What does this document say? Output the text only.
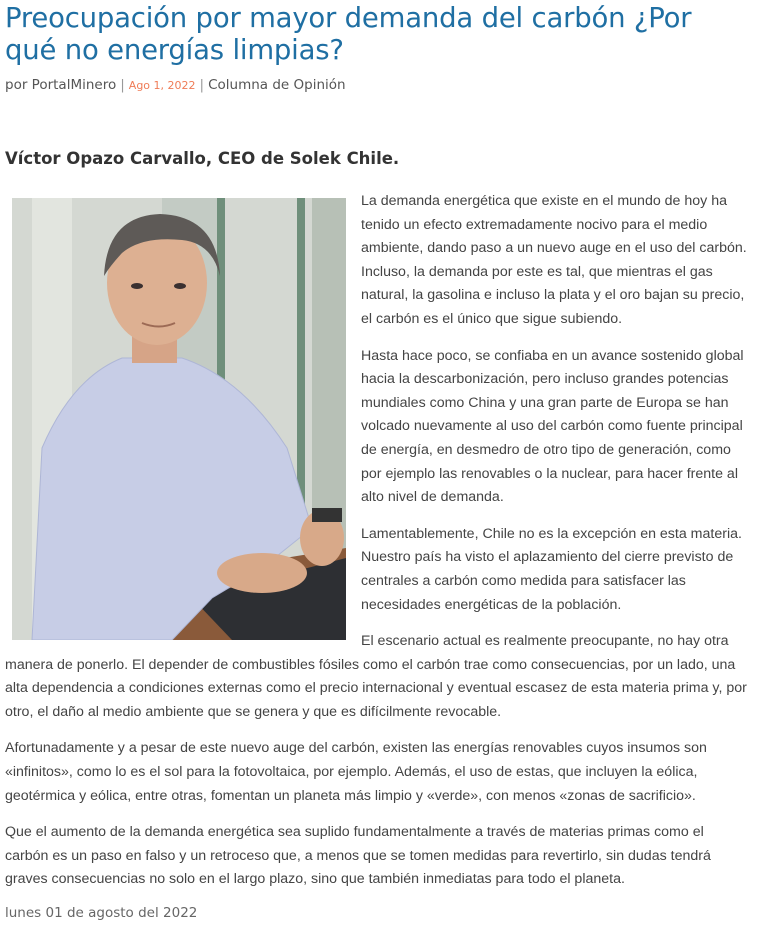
Preocupación por mayor demanda del carbón ¿Por qué no energías limpias?
por PortalMinero | Ago 1, 2022 | Columna de Opinión
Víctor Opazo Carvallo, CEO de Solek Chile.

La demanda energética que existe en el mundo de hoy ha tenido un efecto extremadamente nocivo para el medio ambiente, dando paso a un nuevo auge en el uso del carbón. Incluso, la demanda por este es tal, que mientras el gas natural, la gasolina e incluso la plata y el oro bajan su precio, el carbón es el único que sigue subiendo.

Hasta hace poco, se confiaba en un avance sostenido global hacia la descarbonización, pero incluso grandes potencias mundiales como China y una gran parte de Europa se han volcado nuevamente al uso del carbón como fuente principal de energía, en desmedro de otro tipo de generación, como por ejemplo las renovables o la nuclear, para hacer frente al alto nivel de demanda.

Lamentablemente, Chile no es la excepción en esta materia. Nuestro país ha visto el aplazamiento del cierre previsto de centrales a carbón como medida para satisfacer las necesidades energéticas de la población.

El escenario actual es realmente preocupante, no hay otra manera de ponerlo. El depender de combustibles fósiles como el carbón trae como consecuencias, por un lado, una alta dependencia a condiciones externas como el precio internacional y eventual escasez de esta materia prima y, por otro, el daño al medio ambiente que se genera y que es difícilmente revocable.

Afortunadamente y a pesar de este nuevo auge del carbón, existen las energías renovables cuyos insumos son «infinitos», como lo es el sol para la fotovoltaica, por ejemplo. Además, el uso de estas, que incluyen la eólica, geotérmica y eólica, entre otras, fomentan un planeta más limpio y «verde», con menos «zonas de sacrificio».

Que el aumento de la demanda energética sea suplido fundamentalmente a través de materias primas como el carbón es un paso en falso y un retroceso que, a menos que se tomen medidas para revertirlo, sin dudas tendrá graves consecuencias no solo en el largo plazo, sino que también inmediatas para todo el planeta.

lunes 01 de agosto del 2022
